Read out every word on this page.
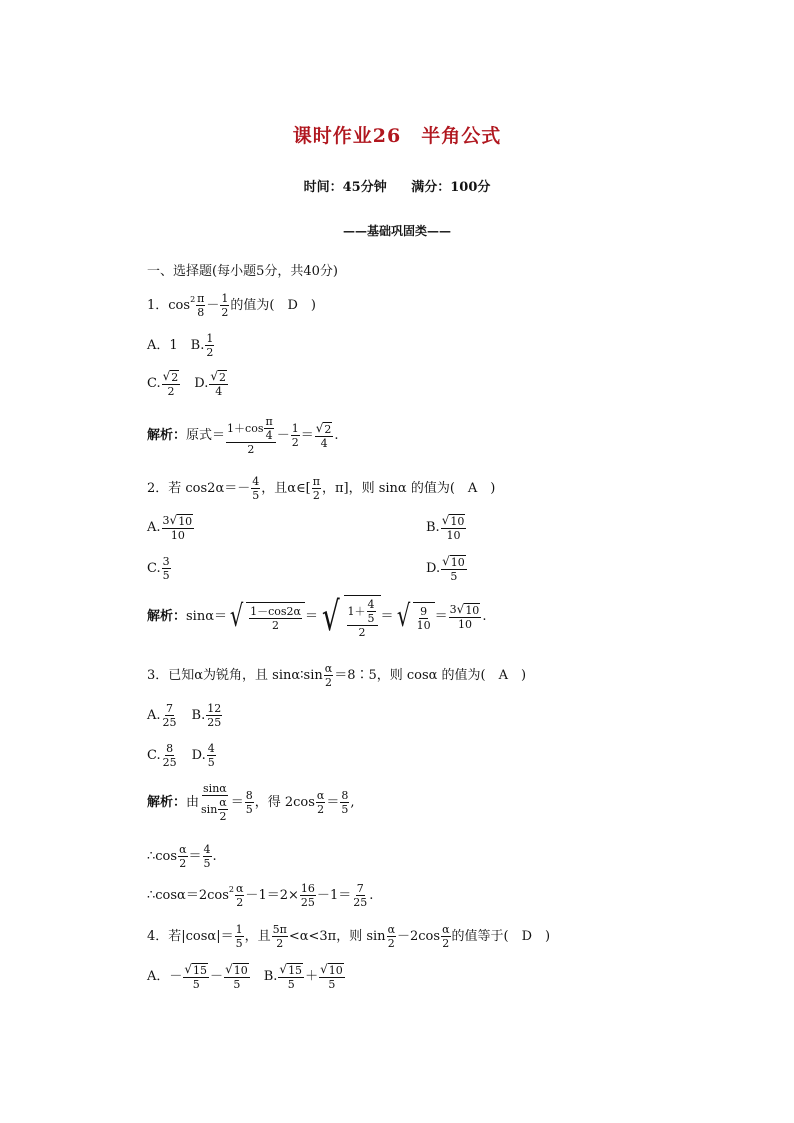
课时作业26　半角公式
时间：45分钟 满分：100分
——基础巩固类——
一、选择题(每小题5分，共40分)
1．$\cos 2 \frac{\pi}{8} - \frac{1}{2}$ 的值为(　D　)
A．1　B. $\frac{1}{2}$
C. $\frac{√ 2}{2}$ 　D. $\frac{√ 2}{4}$
解析： 原式＝ $\frac{1+\cos \frac{\pi}{4}}{2} - \frac{1}{2} = \frac{√ 2}{4}$ .
2．若 $\cos 2\alpha=- \frac{4}{5}$ ，且α∈[ $\frac{\pi}{2}$ ，π]，则 sinα 的值为(　A　)
A. $\frac{3 √ 10}{10}$	B. $\frac{√ 10}{10}$
C. $\frac{3}{5}$	D. $\frac{√ 10}{5}$
解析： sinα＝ √ $\frac{1-\cos 2\alpha}{2}$ ＝ √ $\frac{1+ \frac{4}{5}}{2}$ ＝ √ $\frac{9}{10} = \frac{3 √ 10}{10}$ .
3．已知α为锐角，且 sinα∶sin $\frac{\alpha}{2}$ ＝8∶5，则 cosα 的值为(　A　)
A. $\frac{7}{25}$ 　B. $\frac{12}{25}$
C. $\frac{8}{25}$ 　D. $\frac{4}{5}$
解析： 由 $\frac{\sin\alpha}{\sin \frac{\alpha}{2}} = \frac{8}{5}$ ，得 $2\cos \frac{\alpha}{2} = \frac{8}{5}$ ,
∴cos $\frac{\alpha}{2} = \frac{4}{5}$ .
∴cosα＝2cos $2 \frac{\alpha}{2} - 1 = 2 \times \frac{16}{25} - 1 = \frac{7}{25}$ .
4．若$|\cos\alpha|= \frac{1}{5}$ ，且 $\frac{5\pi}{2} <\alpha<3\pi$，则 $\sin \frac{\alpha}{2} -2\cos \frac{\alpha}{2}$ 的值等于(　D　)
A．－ $\frac{√ 15}{5} - \frac{√ 10}{5}$ 　B. $\frac{√ 15}{5} + \frac{√ 10}{5}$
